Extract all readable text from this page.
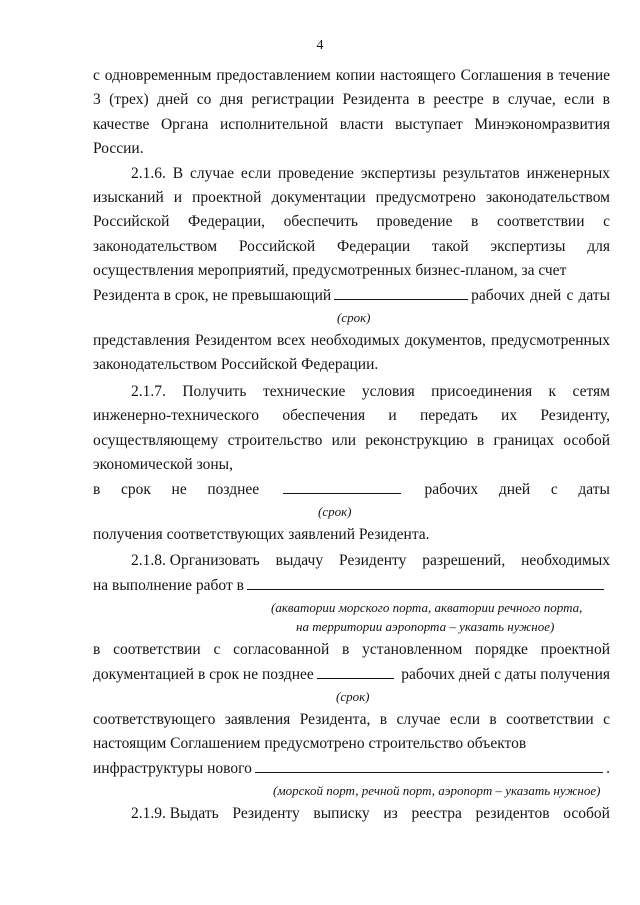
4

с одновременным предоставлением копии настоящего Соглашения в течение 3 (трех) дней со дня регистрации Резидента в реестре в случае, если в качестве Органа исполнительной власти выступает Минэкономразвития России.

2.1.6. В случае если проведение экспертизы результатов инженерных изысканий и проектной документации предусмотрено законодательством Российской Федерации, обеспечить проведение в соответствии с законодательством Российской Федерации такой экспертизы для осуществления мероприятий, предусмотренных бизнес-планом, за счет

Резидента в срок, не превышающий	рабочих дней с даты
(срок)

представления Резидентом всех необходимых документов, предусмотренных законодательством Российской Федерации.

2.1.7. Получить технические условия присоединения к сетям инженерно-технического обеспечения и передать их Резиденту, осуществляющему строительство или реконструкцию в границах особой экономической зоны,

в срок не позднее	рабочих дней с даты
(срок)

получения соответствующих заявлений Резидента.

2.1.8. Организовать выдачу Резиденту разрешений, необходимых
на выполнение работ в
(акватории морского порта, акватории речного порта,
на территории аэропорта – указать нужное)

в соответствии с согласованной в установленном порядке проектной

документацией в срок не позднее	рабочих дней с даты получения
(срок)

соответствующего заявления Резидента, в случае если в соответствии с настоящим Соглашением предусмотрено строительство объектов

инфраструктуры нового	.
(морской порт, речной порт, аэропорт – указать нужное)
2.1.9. Выдать Резиденту выписку из реестра резидентов особой
